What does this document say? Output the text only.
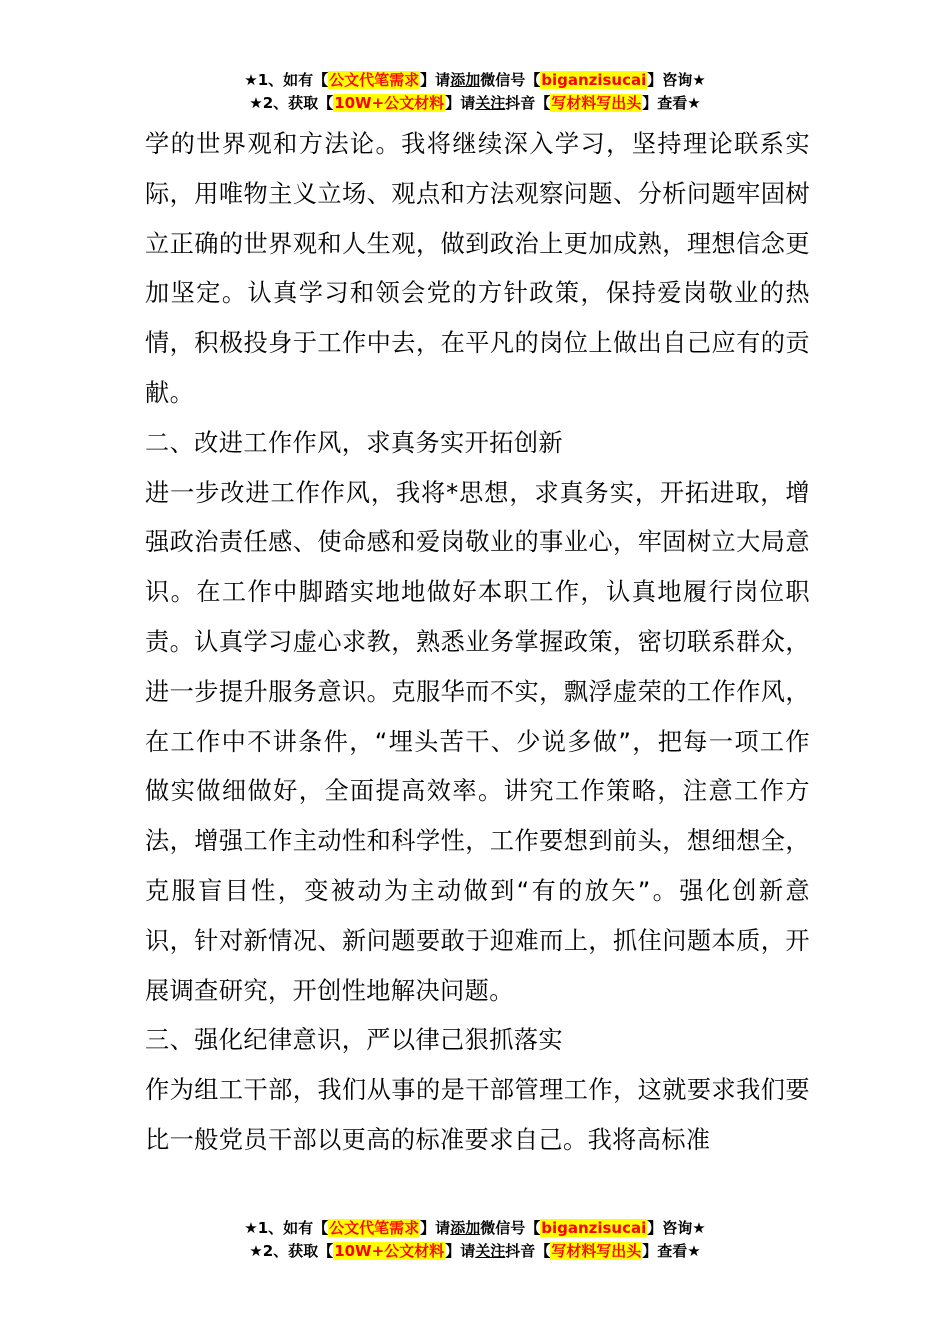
★1、如有【公文代笔需求】请添加微信号【biganzisucai】咨询★
★2、获取【10W+公文材料】请关注抖音【写材料写出头】查看★

学的世界观和方法论。我将继续深入学习，坚持理论联系实际，用唯物主义立场、观点和方法观察问题、分析问题牢固树立正确的世界观和人生观，做到政治上更加成熟，理想信念更加坚定。认真学习和领会党的方针政策，保持爱岗敬业的热情，积极投身于工作中去，在平凡的岗位上做出自己应有的贡献。

二、改进工作作风，求真务实开拓创新

进一步改进工作作风，我将*思想，求真务实，开拓进取，增强政治责任感、使命感和爱岗敬业的事业心，牢固树立大局意识。在工作中脚踏实地地做好本职工作，认真地履行岗位职责。认真学习虚心求教，熟悉业务掌握政策，密切联系群众，进一步提升服务意识。克服华而不实，飘浮虚荣的工作作风，在工作中不讲条件，“埋头苦干、少说多做”，把每一项工作做实做细做好，全面提高效率。讲究工作策略，注意工作方法，增强工作主动性和科学性，工作要想到前头，想细想全，克服盲目性，变被动为主动做到“有的放矢”。强化创新意识，针对新情况、新问题要敢于迎难而上，抓住问题本质，开展调查研究，开创性地解决问题。

三、强化纪律意识，严以律己狠抓落实

作为组工干部，我们从事的是干部管理工作，这就要求我们要比一般党员干部以更高的标准要求自己。我将高标准

★1、如有【公文代笔需求】请添加微信号【biganzisucai】咨询★
★2、获取【10W+公文材料】请关注抖音【写材料写出头】查看★
